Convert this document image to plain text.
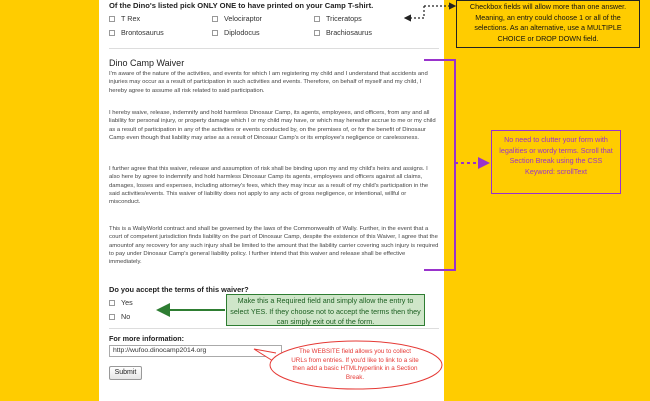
Of the Dino's listed pick ONLY ONE to have printed on your Camp T-shirt.
T Rex	Velociraptor	Triceratops
Brontosaurus	Diplodocus	Brachiosaurus
Dino Camp Waiver

I'm aware of the nature of the activities, and events for which I am registering my child and I understand that accidents and injuries may occur as a result of participation in such activities and events. Therefore, on behalf of myself and my child, I hereby agree to assume all risk related to said participation.

I hereby waive, release, indemnify and hold harmless Dinosaur Camp, its agents, employees, and officers, from any and all liability for personal injury, or property damage which I or my child may have, or which may hereafter accrue to me or my child as a result of participation in any of the activities or events conducted by, on the premises of, or for the benefit of Dinosaur Camp even though that liability may arise as a result of Dinosaur Camp's or its employee's negligence or carelessness.

I further agree that this waiver, release and assumption of risk shall be binding upon my and my child's heirs and assigns. I also here by agree to indemnify and hold harmless Dinosaur Camp its agents, employees and officers against all claims, damages, losses and expenses, including attorney's fees, which they may incur as a result of my child's participation in the said activities/events. This waiver of liability does not apply to any acts of gross negligence, or intentional, willful or misconduct.

This is a WallyWorld contract and shall be governed by the laws of the Commonwealth of Wally. Further, in the event that a court of competent jurisdiction finds liability on the part of Dinosaur Camp, despite the existence of this Waiver, I agree that the amountof any recovery for any such injury shall be limited to the amount that the liability carrier covering such injury is required to pay under Dinosaur Camp's general liability policy. I further intend that this waiver and release shall be effective immediately.

Do you accept the terms of this waiver?
Yes
No
For more information:
http://wufoo.dinocamp2014.org
Submit
Checkbox fields will allow more than one answer. Meaning, an entry could choose 1 or all of the selections. As an alternative, use a MULTIPLE CHOICE or DROP DOWN field.
No need to clutter your form with legalities or wordy terms. Scroll that Section Break using the CSS Keyword: scrollText
Make this a Required field and simply allow the entry to select YES. If they choose not to accept the terms then they can simply exit out of the form.
The WEBSITE field allows you to collect URLs from entries. If you'd like to link to a site then add a basic HTMLhyperlink in a Section Break.
